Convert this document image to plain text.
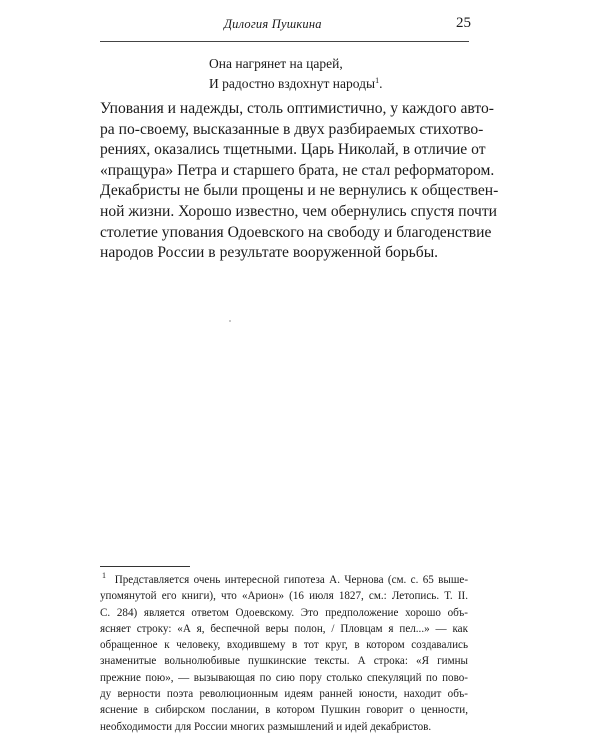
Дилогия Пушкина	25
Она нагрянет на царей,
И радостно вздохнут народы$^1$.
Упования и надежды, столь оптимистично, у каждого авто-
ра по-своему, высказанные в двух разбираемых стихотво-
рениях, оказались тщетными. Царь Николай, в отличие от
«пращура» Петра и старшего брата, не стал реформатором.
Декабристы не были прощены и не вернулись к обществен-
ной жизни. Хорошо известно, чем обернулись спустя почти
столетие упования Одоевского на свободу и благоденствие
народов России в результате вооруженной борьбы.
$^1$ Представляется очень интересной гипотеза А. Чернова (см. с. 65 выше-
упомянутой его книги), что «Арион» (16 июля 1827, см.: Летопись. Т. II.
С. 284) является ответом Одоевскому. Это предположение хорошо объ-
ясняет строку: «А я, беспечной веры полон, / Пловцам я пел...» — как
обращенное к человеку, входившему в тот круг, в котором создавались
знаменитые вольнолюбивые пушкинские тексты. А строка: «Я гимны
прежние пою», — вызывающая по сию пору столько спекуляций по пово-
ду верности поэта революционным идеям ранней юности, находит объ-
яснение в сибирском послании, в котором Пушкин говорит о ценности,
необходимости для России многих размышлений и идей декабристов.
